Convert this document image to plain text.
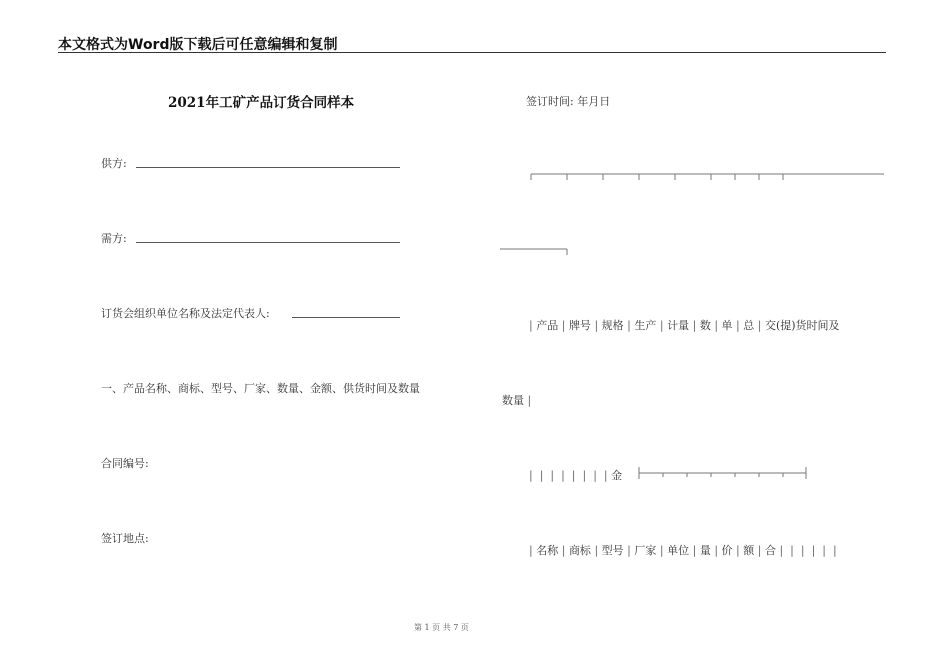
本文格式为Word版下载后可任意编辑和复制
2021年工矿产品订货合同样本	签订时间: 年月日
供方:
需方:
订货会组织单位名称及法定代表人:
一、产品名称、商标、型号、厂家、数量、金额、供货时间及数量
合同编号:
签订地点:
| 产品 | 牌号 | 规格 | 生产 | 计量 | 数 | 单 | 总 | 交(提)货时间及
数量 |
|  |  |  |  |  |  |  | 金
| 名称 | 商标 | 型号 | 厂家 | 单位 | 量 | 价 | 额 | 合 |  |  |  |  |  |
第 1 页 共 7 页
